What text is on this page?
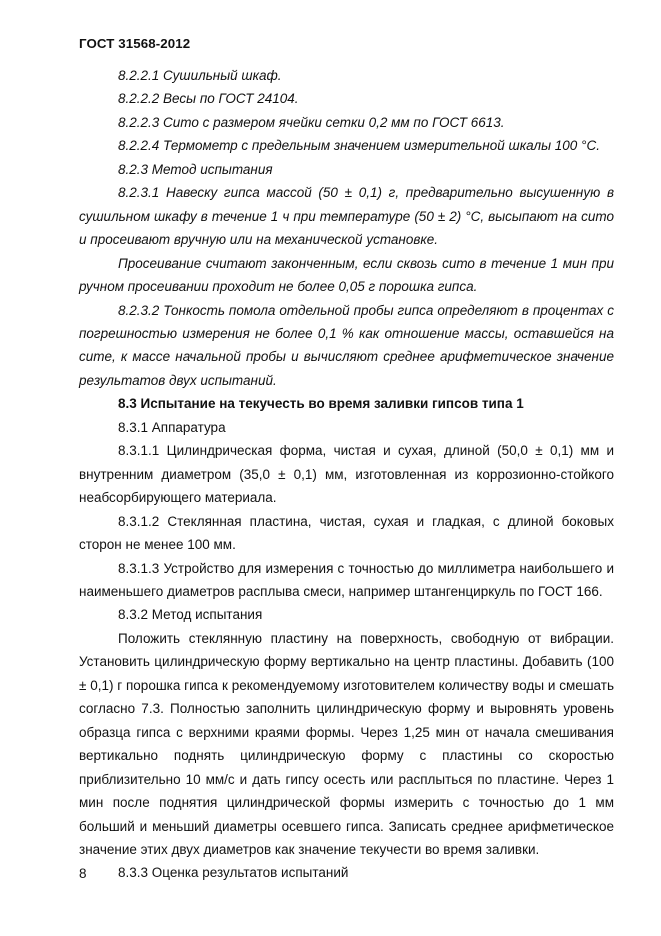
ГОСТ 31568-2012

8.2.2.1 Сушильный шкаф.

8.2.2.2 Весы по ГОСТ 24104.

8.2.2.3 Сито с размером ячейки сетки 0,2 мм по ГОСТ 6613.

8.2.2.4 Термометр с предельным значением измерительной шкалы 100 °С.

8.2.3 Метод испытания

8.2.3.1 Навеску гипса массой (50 ± 0,1) г, предварительно высушенную в сушильном шкафу в течение 1 ч при температуре (50 ± 2) °С, высыпают на сито и просеивают вручную или на механической установке.

Просеивание считают законченным, если сквозь сито в течение 1 мин при ручном просеивании проходит не более 0,05 г порошка гипса.

8.2.3.2 Тонкость помола отдельной пробы гипса определяют в процентах с погрешностью измерения не более 0,1 % как отношение массы, оставшейся на сите, к массе начальной пробы и вычисляют среднее арифметическое значение результатов двух испытаний.

8.3 Испытание на текучесть во время заливки гипсов типа 1

8.3.1 Аппаратура

8.3.1.1 Цилиндрическая форма, чистая и сухая, длиной (50,0 ± 0,1) мм и внутренним диаметром (35,0 ± 0,1) мм, изготовленная из коррозионно-стойкого неабсорбирующего материала.

8.3.1.2 Стеклянная пластина, чистая, сухая и гладкая, с длиной боковых сторон не менее 100 мм.

8.3.1.3 Устройство для измерения с точностью до миллиметра наибольшего и наименьшего диаметров расплыва смеси, например штангенциркуль по ГОСТ 166.

8.3.2 Метод испытания

Положить стеклянную пластину на поверхность, свободную от вибрации. Установить цилиндрическую форму вертикально на центр пластины. Добавить (100 ± 0,1) г порошка гипса к рекомендуемому изготовителем количеству воды и смешать согласно 7.3. Полностью заполнить цилиндрическую форму и выровнять уровень образца гипса с верхними краями формы. Через 1,25 мин от начала смешивания вертикально поднять цилиндрическую форму с пластины со скоростью приблизительно 10 мм/с и дать гипсу осесть или расплыться по пластине. Через 1 мин после поднятия цилиндрической формы измерить с точностью до 1 мм больший и меньший диаметры осевшего гипса. Записать среднее арифметическое значение этих двух диаметров как значение текучести во время заливки.

8.3.3 Оценка результатов испытаний

8
